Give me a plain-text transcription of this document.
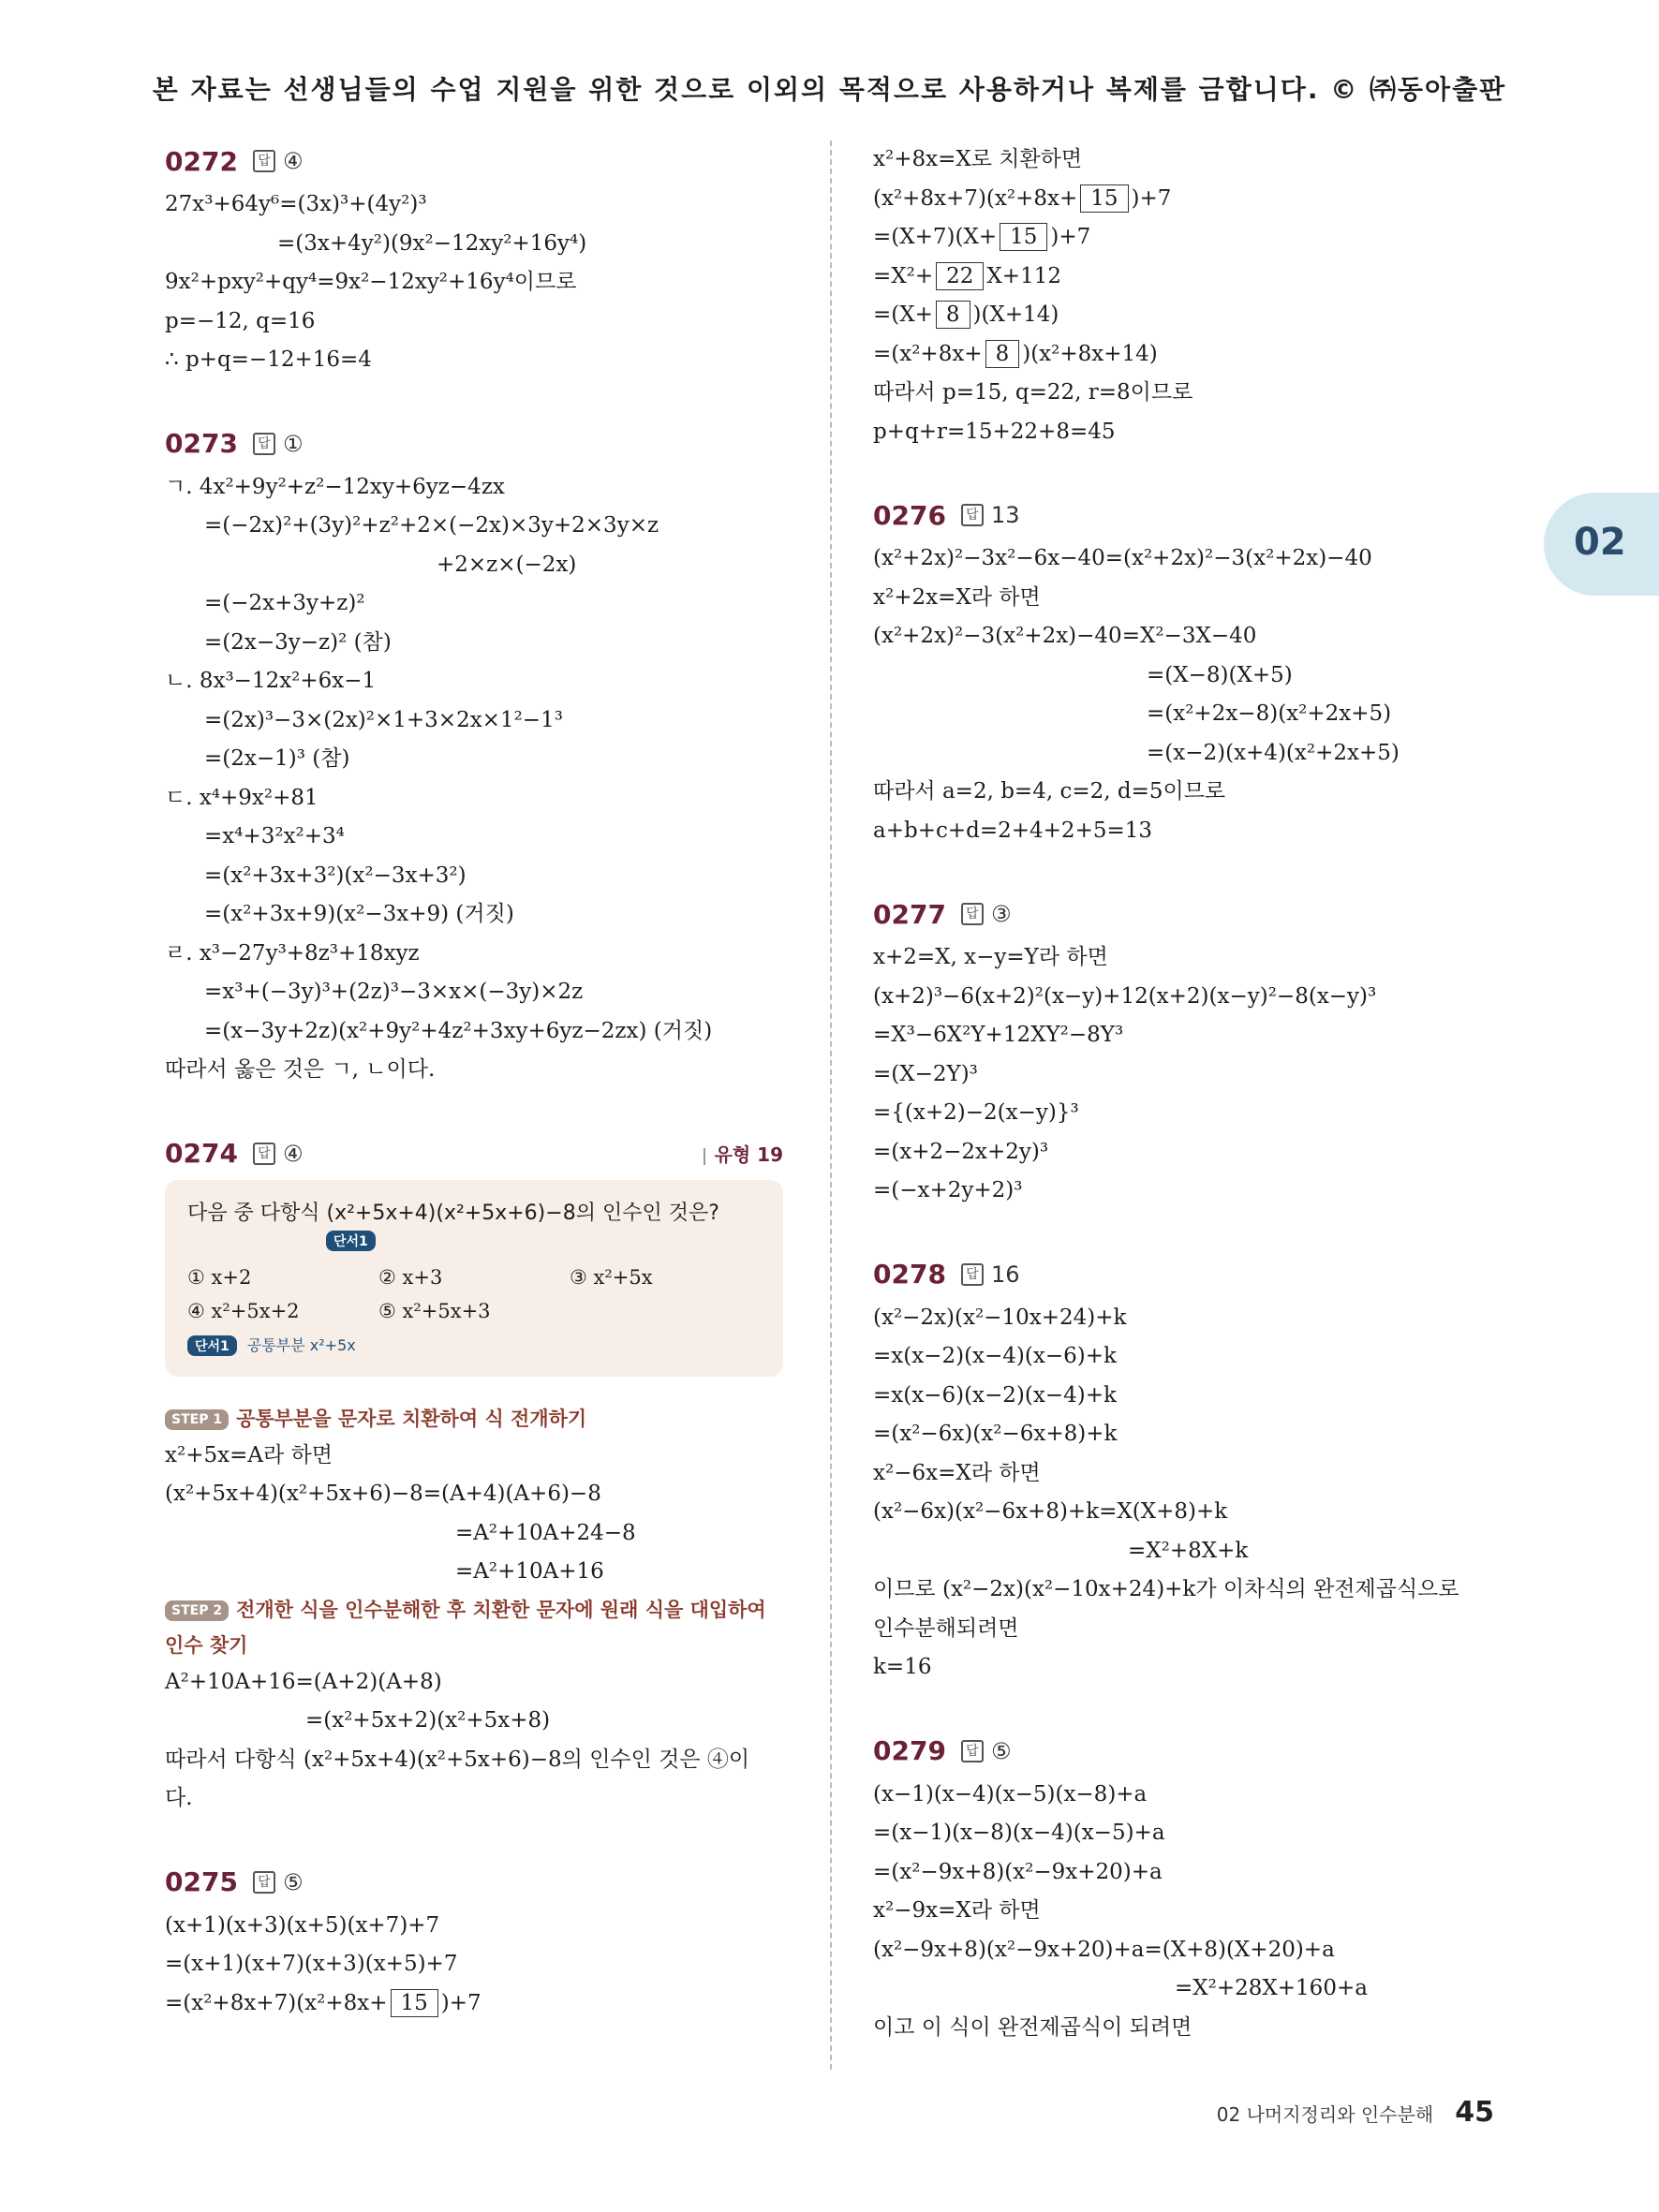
본 자료는 선생님들의 수업 지원을 위한 것으로 이외의 목적으로 사용하거나 복제를 금합니다. © ㈜동아출판
02
0272	답 ④
27x³+64y⁶=(3x)³+(4y²)³
=(3x+4y²)(9x²−12xy²+16y⁴)
9x²+pxy²+qy⁴=9x²−12xy²+16y⁴이므로
p=−12, q=16
∴ p+q=−12+16=4
0273	답 ①
ㄱ. 4x²+9y²+z²−12xy+6yz−4zx
=(−2x)²+(3y)²+z²+2×(−2x)×3y+2×3y×z
+2×z×(−2x)
=(−2x+3y+z)²
=(2x−3y−z)² (참)
ㄴ. 8x³−12x²+6x−1
=(2x)³−3×(2x)²×1+3×2x×1²−1³
=(2x−1)³ (참)
ㄷ. x⁴+9x²+81
=x⁴+3²x²+3⁴
=(x²+3x+3²)(x²−3x+3²)
=(x²+3x+9)(x²−3x+9) (거짓)
ㄹ. x³−27y³+8z³+18xyz
=x³+(−3y)³+(2z)³−3×x×(−3y)×2z
=(x−3y+2z)(x²+9y²+4z²+3xy+6yz−2zx) (거짓)
따라서 옳은 것은 ㄱ, ㄴ이다.
0274	답 ④	유형 19
다음 중 다항식 (x²+5x+4)(x²+5x+6)−8의 인수인 것은?
단서1
① x+2	② x+3	③ x²+5x
④ x²+5x+2	⑤ x²+5x+3
단서1 공통부분 x²+5x
STEP 1 공통부분을 문자로 치환하여 식 전개하기
x²+5x=A라 하면
(x²+5x+4)(x²+5x+6)−8=(A+4)(A+6)−8
=A²+10A+24−8
=A²+10A+16
STEP 2 전개한 식을 인수분해한 후 치환한 문자에 원래 식을 대입하여 인수 찾기
A²+10A+16=(A+2)(A+8)
=(x²+5x+2)(x²+5x+8)
따라서 다항식 (x²+5x+4)(x²+5x+6)−8의 인수인 것은 ④이
다.
0275	답 ⑤
(x+1)(x+3)(x+5)(x+7)+7
=(x+1)(x+7)(x+3)(x+5)+7
=(x²+8x+7)(x²+8x+ 15 )+7
x²+8x=X로 치환하면
(x²+8x+7)(x²+8x+ 15 )+7
=(X+7)(X+ 15 )+7
=X²+ 22 X+112
=(X+ 8 )(X+14)
=(x²+8x+ 8 )(x²+8x+14)
따라서 p=15, q=22, r=8이므로
p+q+r=15+22+8=45
0276	답 13
(x²+2x)²−3x²−6x−40=(x²+2x)²−3(x²+2x)−40
x²+2x=X라 하면
(x²+2x)²−3(x²+2x)−40=X²−3X−40
=(X−8)(X+5)
=(x²+2x−8)(x²+2x+5)
=(x−2)(x+4)(x²+2x+5)
따라서 a=2, b=4, c=2, d=5이므로
a+b+c+d=2+4+2+5=13
0277	답 ③
x+2=X, x−y=Y라 하면
(x+2)³−6(x+2)²(x−y)+12(x+2)(x−y)²−8(x−y)³
=X³−6X²Y+12XY²−8Y³
=(X−2Y)³
={(x+2)−2(x−y)}³
=(x+2−2x+2y)³
=(−x+2y+2)³
0278	답 16
(x²−2x)(x²−10x+24)+k
=x(x−2)(x−4)(x−6)+k
=x(x−6)(x−2)(x−4)+k
=(x²−6x)(x²−6x+8)+k
x²−6x=X라 하면
(x²−6x)(x²−6x+8)+k=X(X+8)+k
=X²+8X+k
이므로 (x²−2x)(x²−10x+24)+k가 이차식의 완전제곱식으로
인수분해되려면
k=16
0279	답 ⑤
(x−1)(x−4)(x−5)(x−8)+a
=(x−1)(x−8)(x−4)(x−5)+a
=(x²−9x+8)(x²−9x+20)+a
x²−9x=X라 하면
(x²−9x+8)(x²−9x+20)+a=(X+8)(X+20)+a
=X²+28X+160+a
이고 이 식이 완전제곱식이 되려면
02 나머지정리와 인수분해 45
